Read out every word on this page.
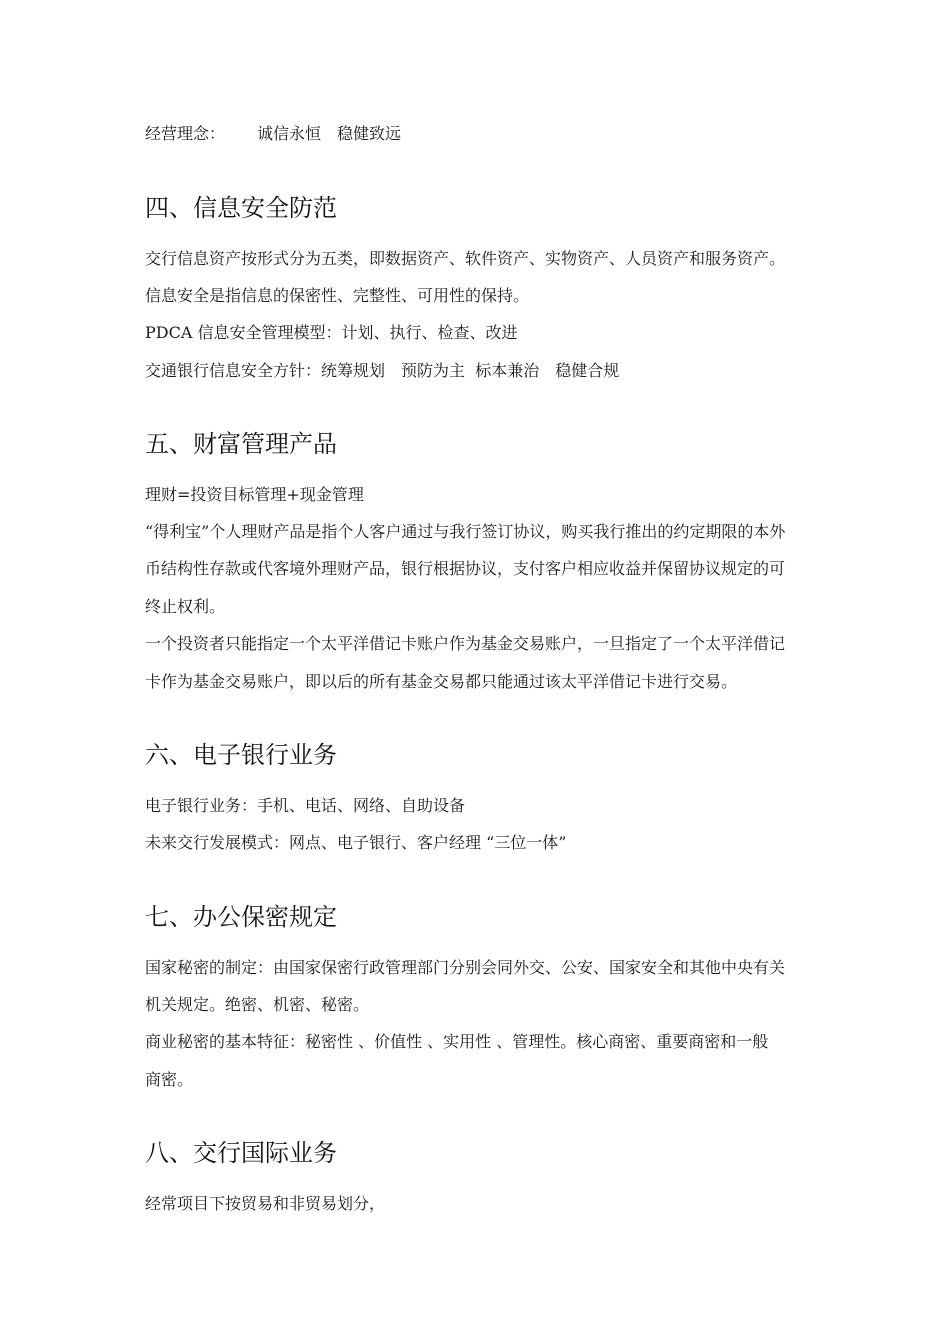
经营理念： 诚信永恒 稳健致远
四、信息安全防范
交行信息资产按形式分为五类，即数据资产、软件资产、实物资产、人员资产和服务资产。
信息安全是指信息的保密性、完整性、可用性的保持。
PDCA 信息安全管理模型：计划、执行、检查、改进
交通银行信息安全方针：统筹规划 预防为主 标本兼治 稳健合规
五、财富管理产品
理财=投资目标管理+现金管理
“得利宝”个人理财产品是指个人客户通过与我行签订协议，购买我行推出的约定期限的本外
币结构性存款或代客境外理财产品，银行根据协议，支付客户相应收益并保留协议规定的可
终止权利。
一个投资者只能指定一个太平洋借记卡账户作为基金交易账户，一旦指定了一个太平洋借记
卡作为基金交易账户，即以后的所有基金交易都只能通过该太平洋借记卡进行交易。
六、电子银行业务
电子银行业务：手机、电话、网络、自助设备
未来交行发展模式：网点、电子银行、客户经理 “三位一体”
七、办公保密规定
国家秘密的制定：由国家保密行政管理部门分别会同外交、公安、国家安全和其他中央有关
机关规定。绝密、机密、秘密。
商业秘密的基本特征：秘密性 、价值性 、实用性 、管理性。核心商密、重要商密和一般
商密。
八、交行国际业务
经常项目下按贸易和非贸易划分，
